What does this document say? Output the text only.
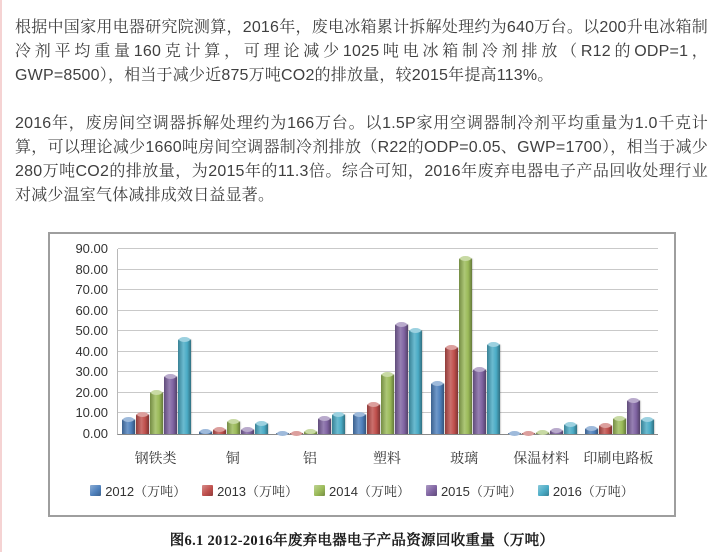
根据中国家用电器研究院测算，2016年，废电冰箱累计拆解处理约为640万台。以200升电冰箱制冷剂平均重量160克计算，可理论减少1025吨电冰箱制冷剂排放（R12的ODP=1，GWP=8500），相当于减少近875万吨CO2的排放量，较2015年提高113%。

2016年，废房间空调器拆解处理约为166万台。以1.5P家用空调器制冷剂平均重量为1.0千克计算，可以理论减少1660吨房间空调器制冷剂排放（R22的ODP=0.05、GWP=1700），相当于减少280万吨CO2的排放量，为2015年的11.3倍。综合可知，2016年废弃电器电子产品回收处理行业对减少温室气体减排成效日益显著。

90.00
80.00
70.00
60.00
50.00
40.00
30.00
20.00
10.00
0.00
钢铁类	铜	铝	塑料	玻璃	保温材料	印刷电路板
2012（万吨） 2013（万吨） 2014（万吨） 2015（万吨） 2016（万吨）
图6.1 2012-2016年废弃电器电子产品资源回收重量（万吨）
